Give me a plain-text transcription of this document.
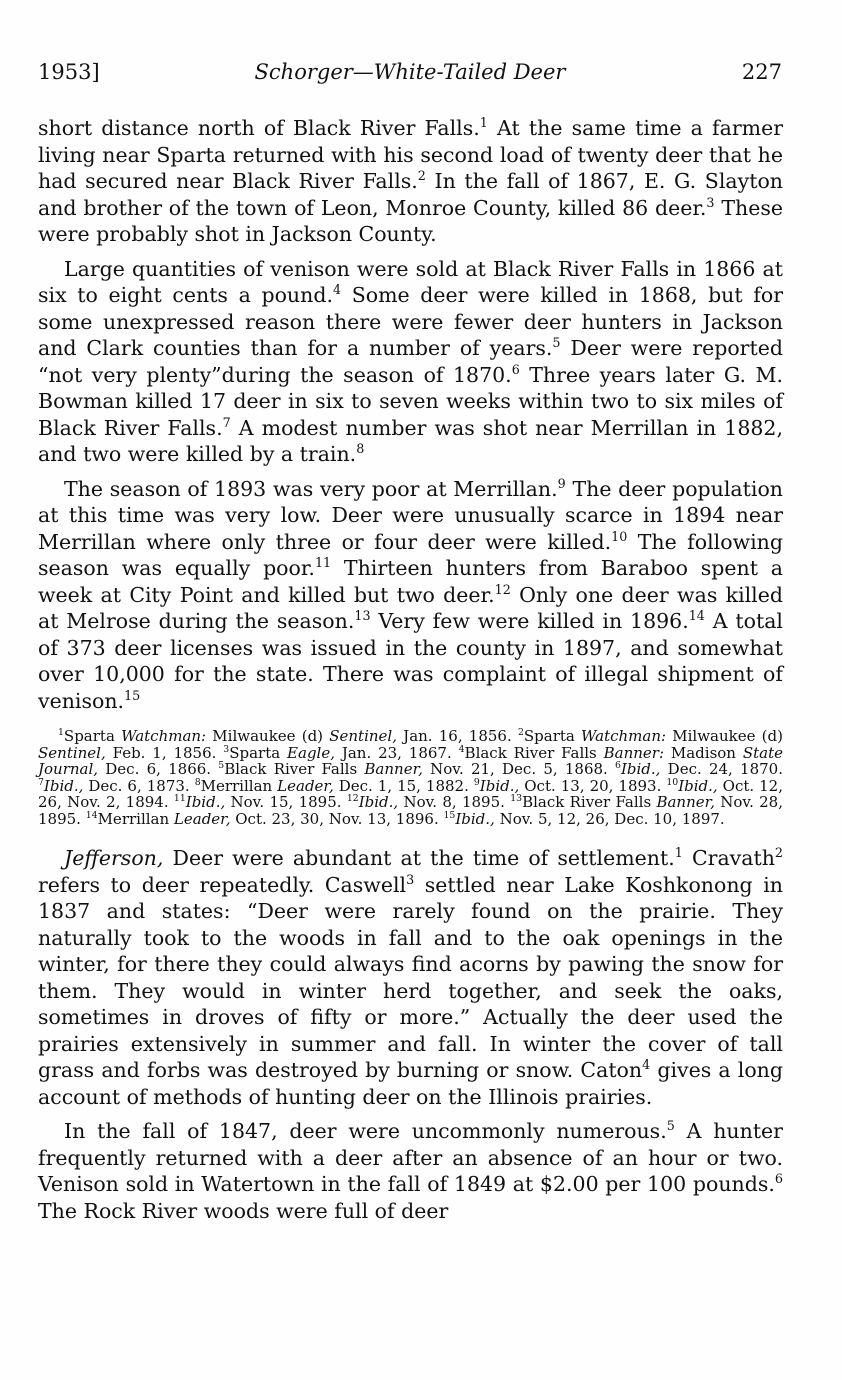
1953]	Schorger—White-Tailed Deer	227

short distance north of Black River Falls.$^1$ At the same time a farmer living near Sparta returned with his second load of twenty deer that he had secured near Black River Falls.$^2$ In the fall of 1867, E. G. Slayton and brother of the town of Leon, Monroe County, killed 86 deer.$^3$ These were probably shot in Jackson County.

Large quantities of venison were sold at Black River Falls in 1866 at six to eight cents a pound.$^4$ Some deer were killed in 1868, but for some unexpressed reason there were fewer deer hunters in Jackson and Clark counties than for a number of years.$^5$ Deer were reported “not very plenty”during the season of 1870.$^6$ Three years later G. M. Bowman killed 17 deer in six to seven weeks within two to six miles of Black River Falls.$^7$ A modest number was shot near Merrillan in 1882, and two were killed by a train.$^8$

The season of 1893 was very poor at Merrillan.$^9$ The deer population at this time was very low. Deer were unusually scarce in 1894 near Merrillan where only three or four deer were killed.$^{10}$ The following season was equally poor.$^{11}$ Thirteen hunters from Baraboo spent a week at City Point and killed but two deer.$^{12}$ Only one deer was killed at Melrose during the season.$^{13}$ Very few were killed in 1896.14 A total of 373 deer licenses was issued in the county in 1897, and somewhat over 10,000 for the state. There was complaint of illegal shipment of venison.$^{15}$

$^1$Sparta Watchman: Milwaukee (d) Sentinel, Jan. 16, 1856. $^2$Sparta Watchman: Milwaukee (d) Sentinel, Feb. 1, 1856. $^3$Sparta Eagle, Jan. 23, 1867. $^4$Black River Falls Banner: Madison State Journal, Dec. 6, 1866. $^5$Black River Falls Banner, Nov. 21, Dec. 5, 1868. $^6$Ibid., Dec. 24, 1870. $^7$Ibid., Dec. 6, 1873. $^8$Merrillan Leader, Dec. 1, 15, 1882. $^9$Ibid., Oct. 13, 20, 1893. $^{10}$Ibid., Oct. 12, 26, Nov. 2, 1894. $^{11}$Ibid., Nov. 15, 1895. $^{12}$Ibid., Nov. 8, 1895. $^{13}$Black River Falls Banner, Nov. 28, 1895. $^{14}$Merrillan Leader, Oct. 23, 30, Nov. 13, 1896. $^{15}$Ibid., Nov. 5, 12, 26, Dec. 10, 1897.

Jefferson, Deer were abundant at the time of settlement.$^1$ Cravath$^2$ refers to deer repeatedly. Caswell$^3$ settled near Lake Koshkonong in 1837 and states: “Deer were rarely found on the prairie. They naturally took to the woods in fall and to the oak openings in the winter, for there they could always find acorns by pawing the snow for them. They would in winter herd together, and seek the oaks, sometimes in droves of fifty or more.” Actually the deer used the prairies extensively in summer and fall. In winter the cover of tall grass and forbs was destroyed by burning or snow. Caton$^4$ gives a long account of methods of hunting deer on the Illinois prairies.

In the fall of 1847, deer were uncommonly numerous.$^5$ A hunter frequently returned with a deer after an absence of an hour or two. Venison sold in Watertown in the fall of 1849 at $2.00 per 100 pounds.$^6$ The Rock River woods were full of deer
